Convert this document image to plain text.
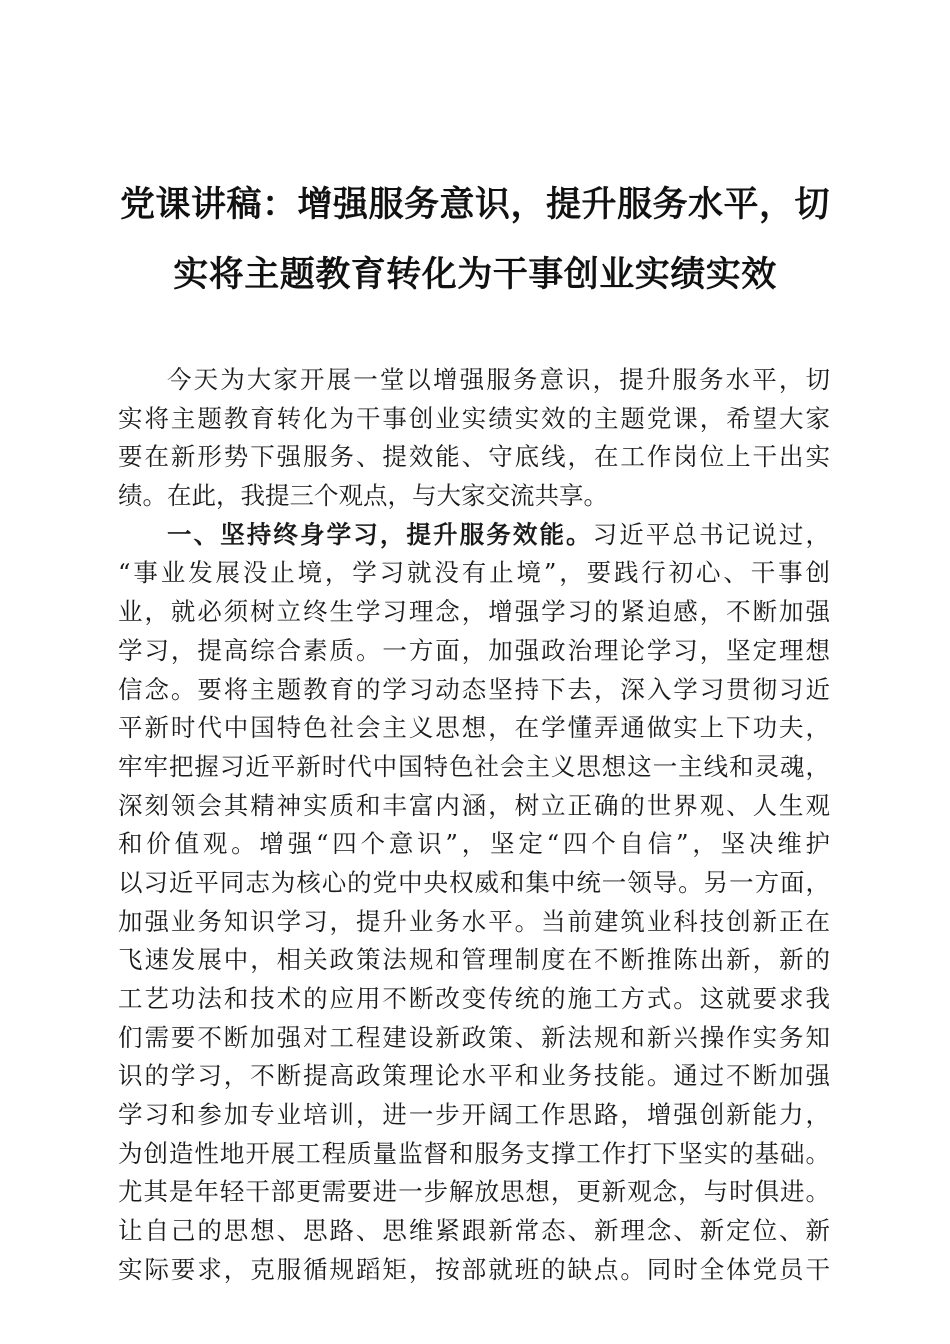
党课讲稿：增强服务意识，提升服务水平，切
实将主题教育转化为干事创业实绩实效
今天为大家开展一堂以增强服务意识，提升服务水平，切
实将主题教育转化为干事创业实绩实效的主题党课，希望大家
要在新形势下强服务、提效能、守底线，在工作岗位上干出实
绩。在此，我提三个观点，与大家交流共享。
一、坚持终身学习，提升服务效能。习近平总书记说过，
“事业发展没止境，学习就没有止境”，要践行初心、干事创
业，就必须树立终生学习理念，增强学习的紧迫感，不断加强
学习，提高综合素质。一方面，加强政治理论学习，坚定理想
信念。要将主题教育的学习动态坚持下去，深入学习贯彻习近
平新时代中国特色社会主义思想，在学懂弄通做实上下功夫，
牢牢把握习近平新时代中国特色社会主义思想这一主线和灵魂，
深刻领会其精神实质和丰富内涵，树立正确的世界观、人生观
和价值观。增强“四个意识”，坚定“四个自信”，坚决维护
以习近平同志为核心的党中央权威和集中统一领导。另一方面，
加强业务知识学习，提升业务水平。当前建筑业科技创新正在
飞速发展中，相关政策法规和管理制度在不断推陈出新，新的
工艺功法和技术的应用不断改变传统的施工方式。这就要求我
们需要不断加强对工程建设新政策、新法规和新兴操作实务知
识的学习，不断提高政策理论水平和业务技能。通过不断加强
学习和参加专业培训，进一步开阔工作思路，增强创新能力，
为创造性地开展工程质量监督和服务支撑工作打下坚实的基础。
尤其是年轻干部更需要进一步解放思想，更新观念，与时俱进。
让自己的思想、思路、思维紧跟新常态、新理念、新定位、新
实际要求，克服循规蹈矩，按部就班的缺点。同时全体党员干
